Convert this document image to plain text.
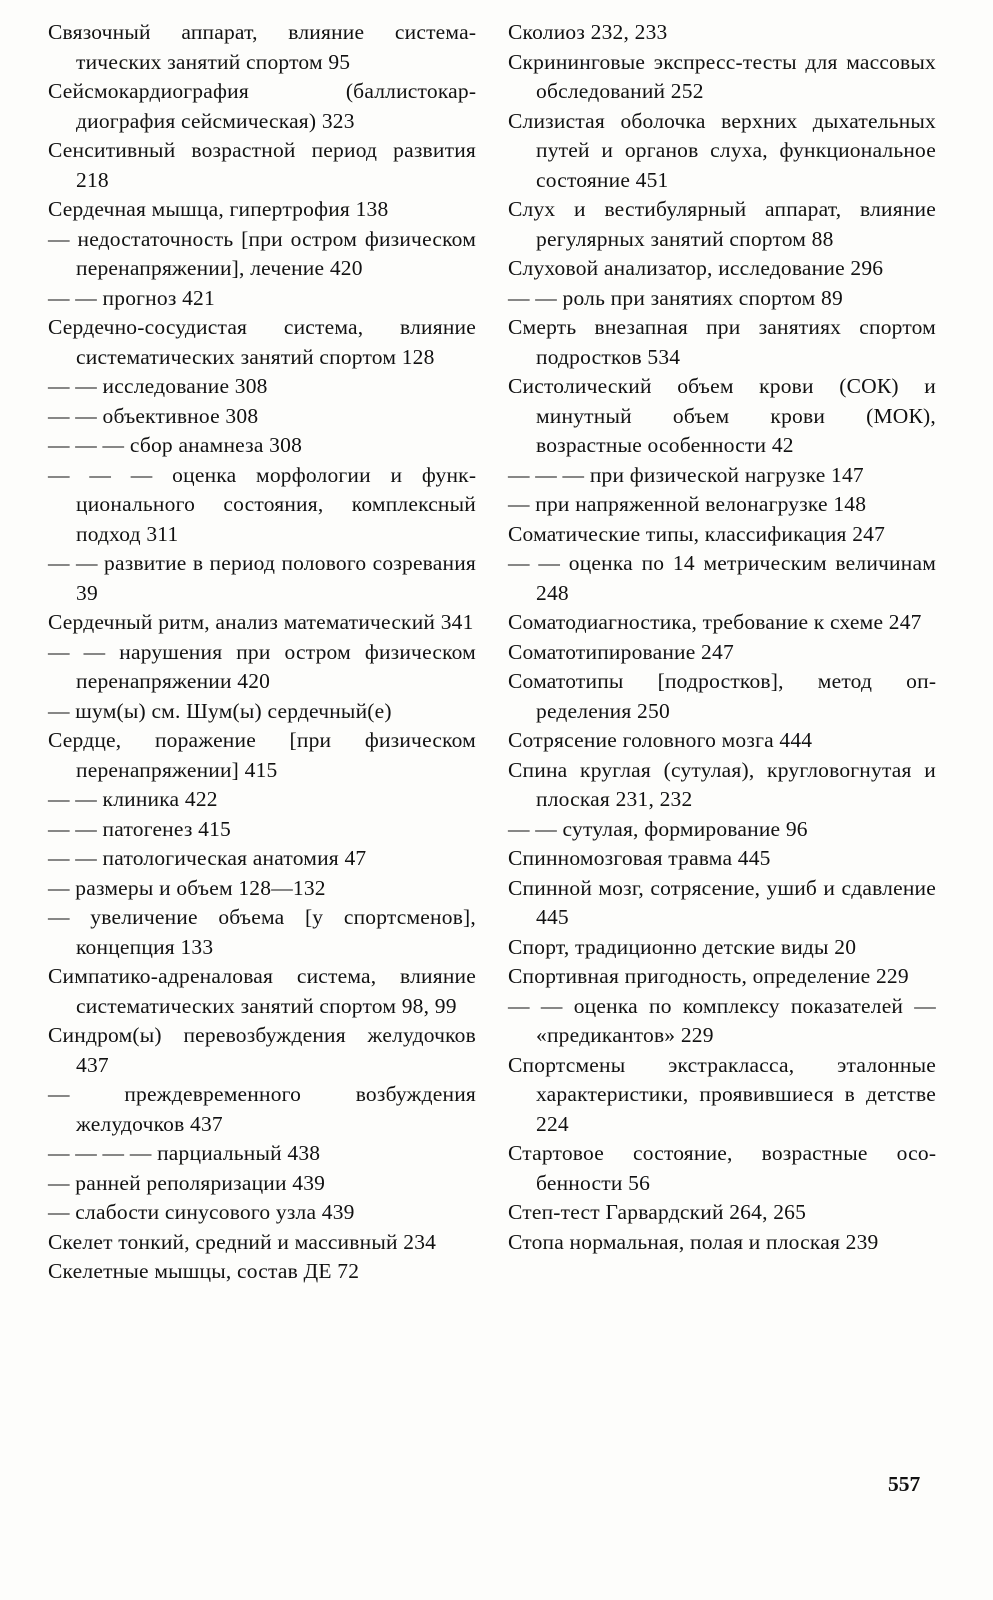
Связочный аппарат, влияние систематических занятий спортом 95
Сейсмокардиография (баллистокардиография сейсмическая) 323
Сенситивный возрастной период развития 218
Сердечная мышца, гипертрофия 138
— недостаточность [при остром физическом перенапряжении], лечение 420
— — прогноз 421
Сердечно-сосудистая система, влияние систематических занятий спортом 128
— — исследование 308
— — объективное 308
— — — сбор анамнеза 308
— — — оценка морфологии и функционального состояния, комплексный подход 311
— — развитие в период полового созревания 39
Сердечный ритм, анализ математический 341
— — нарушения при остром физическом перенапряжении 420
— шум(ы) см. Шум(ы) сердечный(е)
Сердце, поражение [при физическом перенапряжении] 415
— — клиника 422
— — патогенез 415
— — патологическая анатомия 47
— размеры и объем 128—132
— увеличение объема [у спортсменов], концепция 133
Симпатико-адреналовая система, влияние систематических занятий спортом 98, 99
Синдром(ы) перевозбуждения желудочков 437
— преждевременного возбуждения желудочков 437
— — — — парциальный 438
— ранней реполяризации 439
— слабости синусового узла 439
Скелет тонкий, средний и массивный 234
Скелетные мышцы, состав ДЕ 72
Сколиоз 232, 233
Скрининговые экспресс-тесты для массовых обследований 252
Слизистая оболочка верхних дыхательных путей и органов слуха, функциональное состояние 451
Слух и вестибулярный аппарат, влияние регулярных занятий спортом 88
Слуховой анализатор, исследование 296
— — роль при занятиях спортом 89
Смерть внезапная при занятиях спортом подростков 534
Систолический объем крови (СОК) и минутный объем крови (МОК), возрастные особенности 42
— — — при физической нагрузке 147
— при напряженной велонагрузке 148
Соматические типы, классификация 247
— — оценка по 14 метрическим величинам 248
Соматодиагностика, требование к схеме 247
Соматотипирование 247
Соматотипы [подростков], метод определения 250
Сотрясение головного мозга 444
Спина круглая (сутулая), кругловогнутая и плоская 231, 232
— — сутулая, формирование 96
Спинномозговая травма 445
Спинной мозг, сотрясение, ушиб и сдавление 445
Спорт, традиционно детские виды 20
Спортивная пригодность, определение 229
— — оценка по комплексу показателей — «предикантов» 229
Спортсмены экстракласса, эталонные характеристики, проявившиеся в детстве 224
Стартовое состояние, возрастные особенности 56
Степ-тест Гарвардский 264, 265
Стопа нормальная, полая и плоская 239
557
